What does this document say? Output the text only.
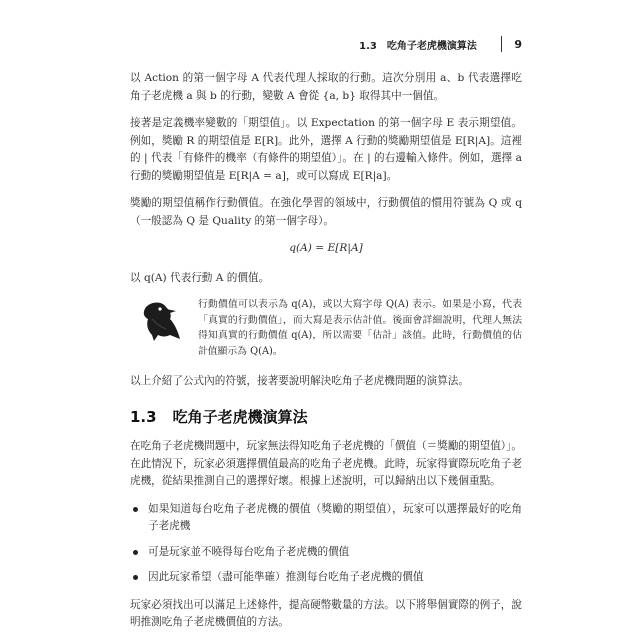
1.3　吃角子老虎機演算法	9

以 Action 的第一個字母 A 代表代理人採取的行動。這次分別用 a、b 代表選擇吃角子老虎機 a 與 b 的行動，變數 A 會從 {a, b} 取得其中一個值。

接著是定義機率變數的「期望值」。以 Expectation 的第一個字母 E 表示期望值。例如，獎勵 R 的期望值是 E[R]。此外，選擇 A 行動的獎勵期望值是 E[R|A]。這裡的 | 代表「有條件的機率（有條件的期望值）」。在 | 的右邊輸入條件。例如，選擇 a 行動的獎勵期望值是 E[R|A = a]，或可以寫成 E[R|a]。

獎勵的期望值稱作行動價值。在強化學習的領域中，行動價值的慣用符號為 Q 或 q（一般認為 Q 是 Quality 的第一個字母）。

q(A) = E[R|A]

以 q(A) 代表行動 A 的價值。

行動價值可以表示為 q(A)，或以大寫字母 Q(A) 表示。如果是小寫，代表「真實的行動價值」，而大寫是表示估計值。後面會詳細說明，代理人無法得知真實的行動價值 q(A)，所以需要「估計」該值。此時，行動價值的估計值顯示為 Q(A)。

以上介紹了公式內的符號，接著要說明解決吃角子老虎機問題的演算法。

1.3 吃角子老虎機演算法

在吃角子老虎機問題中，玩家無法得知吃角子老虎機的「價值（＝獎勵的期望值）」。在此情況下，玩家必須選擇價值最高的吃角子老虎機。此時，玩家得實際玩吃角子老虎機，從結果推測自己的選擇好壞。根據上述說明，可以歸納出以下幾個重點。

如果知道每台吃角子老虎機的價值（獎勵的期望值），玩家可以選擇最好的吃角子老虎機
可是玩家並不曉得每台吃角子老虎機的價值
因此玩家希望（盡可能準確）推測每台吃角子老虎機的價值

玩家必須找出可以滿足上述條件，提高硬幣數量的方法。以下將舉個實際的例子，說明推測吃角子老虎機價值的方法。
